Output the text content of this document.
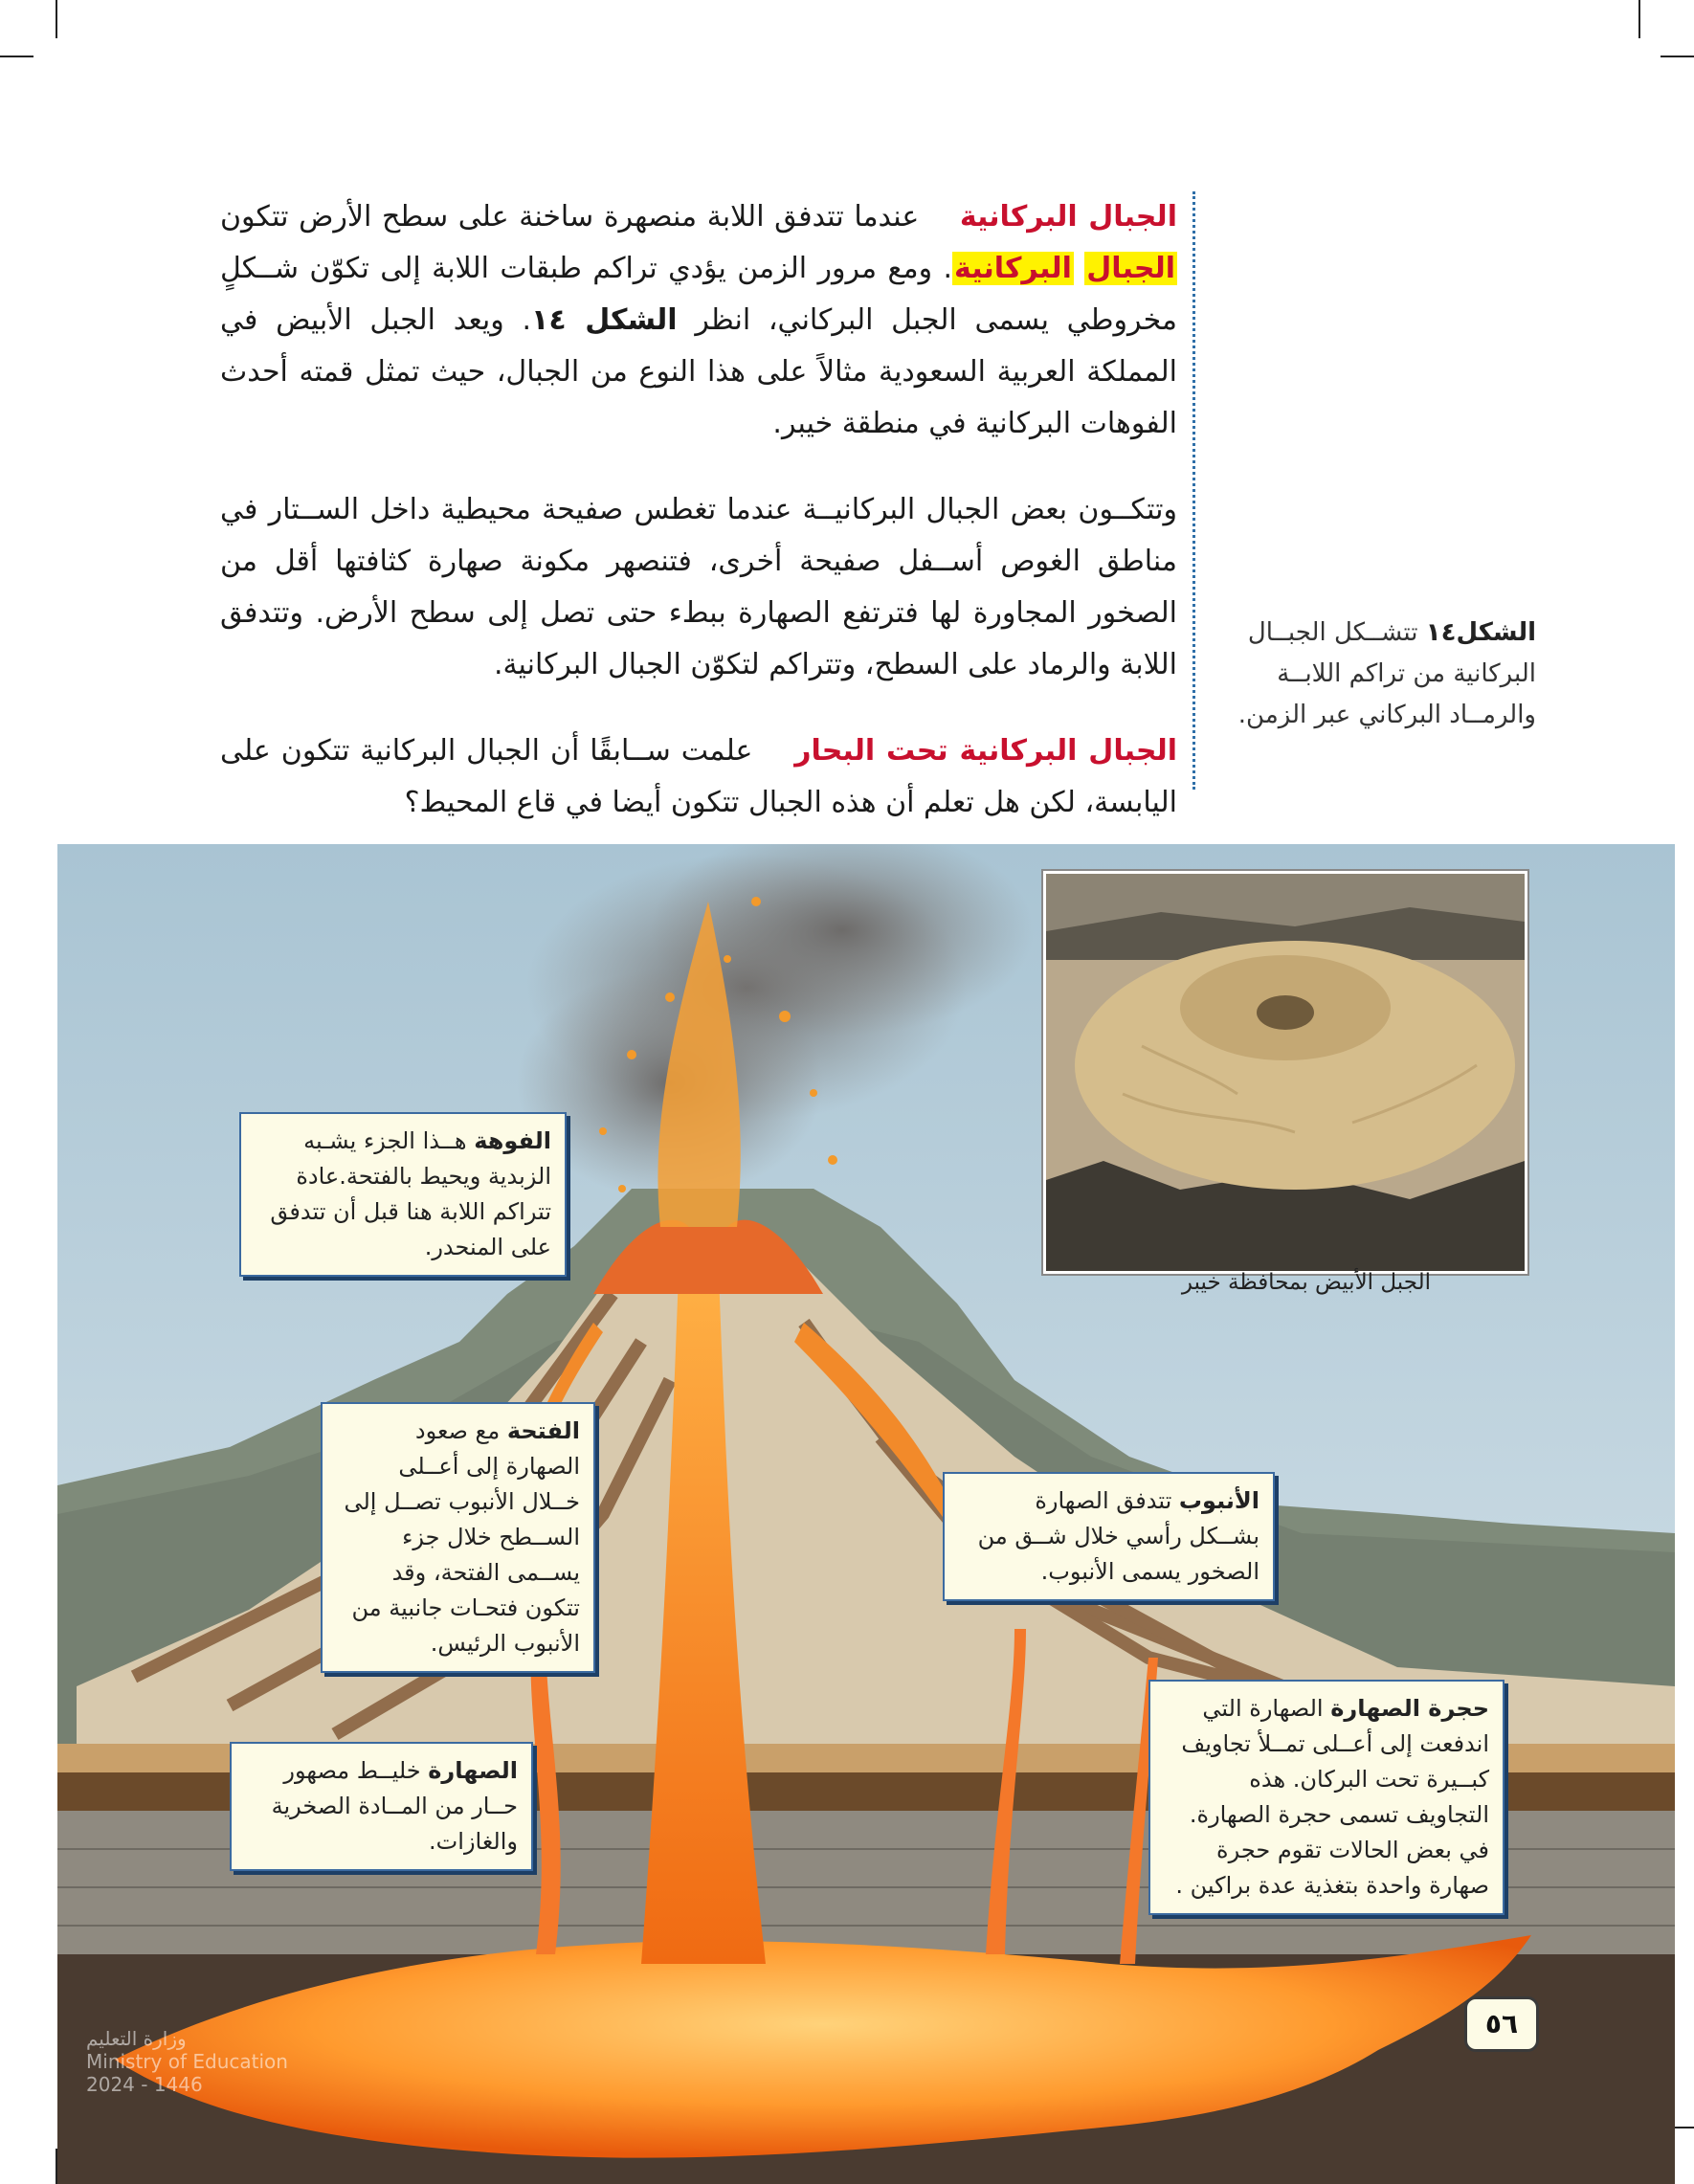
الجبال البركانية    عندما تتدفق اللابة منصهرة ساخنة على سطح الأرض تتكون الجبال البركانية. ومع مرور الزمن يؤدي تراكم طبقات اللابة إلى تكوّن شــكلٍ مخروطي يسمى الجبل البركاني، انظر الشكل ١٤. ويعد الجبل الأبيض في المملكة العربية السعودية مثالاً على هذا النوع من الجبال، حيث تمثل قمته أحدث الفوهات البركانية في منطقة خيبر.

وتتكــون بعض الجبال البركانيــة عندما تغطس صفيحة محيطية داخل الســتار في مناطق الغوص أســفل صفيحة أخرى، فتنصهر مكونة صهارة كثافتها أقل من الصخور المجاورة لها فترتفع الصهارة ببطء حتى تصل إلى سطح الأرض. وتتدفق اللابة والرماد على السطح، وتتراكم لتكوّن الجبال البركانية.

الجبال البركانية تحت البحار    علمت ســابقًا أن الجبال البركانية تتكون على اليابسة، لكن هل تعلم أن هذه الجبال تتكون أيضا في قاع المحيط؟

الشكل١٤ تتشــكل الجبــال البركانية من تراكم اللابــة والرمــاد البركاني عبر الزمن.
الجبل الأبيض بمحافظة خيبر
الفوهة هــذا الجزء يشـبه الزبدية ويحيط بالفتحة.عادة تتراكم اللابة هنا قبل أن تتدفق على المنحدر.
الفتحة مع صعود الصهارة إلى أعــلى خــلال الأنبوب تصــل إلى الســطح خلال جزء يســمى الفتحة، وقد تتكون فتحـات جانبية من الأنبوب الرئيس.
الأنبوب تتدفق الصهارة بشــكل رأسي خلال شــق من الصخور يسمى الأنبوب.
الصهارة خليــط مصهور حــار من المــادة الصخرية والغازات.
حجرة الصهارة الصهارة التي اندفعت إلى أعــلى تمــلأ تجاويف كبــيرة تحت البركان. هذه التجاويف تسمى حجرة الصهارة. في بعض الحالات تقوم حجرة صهارة واحدة بتغذية عدة براكين .
٥٦
وزارة التعليم
Ministry of Education
2024 - 1446
